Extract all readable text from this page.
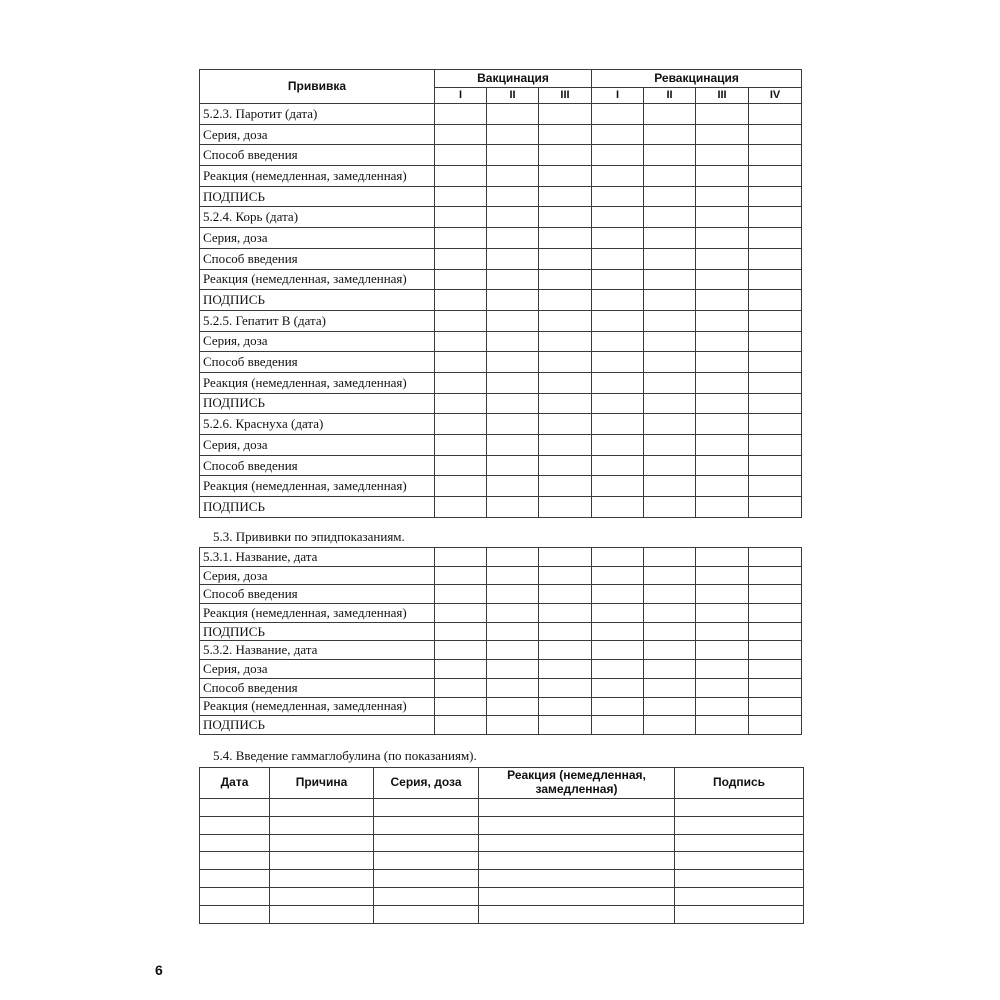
Прививка	Вакцинация			Ревакцинация			
	I	II	III	I	II	III	IV
5.2.3. Паротит (дата)							
Серия, доза							
Способ введения							
Реакция (немедленная, замедленная)							
ПОДПИСЬ							
5.2.4. Корь (дата)							
Серия, доза							
Способ введения							
Реакция (немедленная, замедленная)							
ПОДПИСЬ							
5.2.5. Гепатит В (дата)							
Серия, доза							
Способ введения							
Реакция (немедленная, замедленная)							
ПОДПИСЬ							
5.2.6. Краснуха (дата)							
Серия, доза							
Способ введения							
Реакция (немедленная, замедленная)							
ПОДПИСЬ							
5.3. Прививки по эпидпоказаниям.
5.3.1. Название, дата							
Серия, доза							
Способ введения							
Реакция (немедленная, замедленная)							
ПОДПИСЬ							
5.3.2. Название, дата							
Серия, доза							
Способ введения							
Реакция (немедленная, замедленная)							
ПОДПИСЬ							
5.4. Введение гаммаглобулина (по показаниям).
Дата	Причина	Серия, доза	Реакция (немедленная, замедленная)	Подпись

6
